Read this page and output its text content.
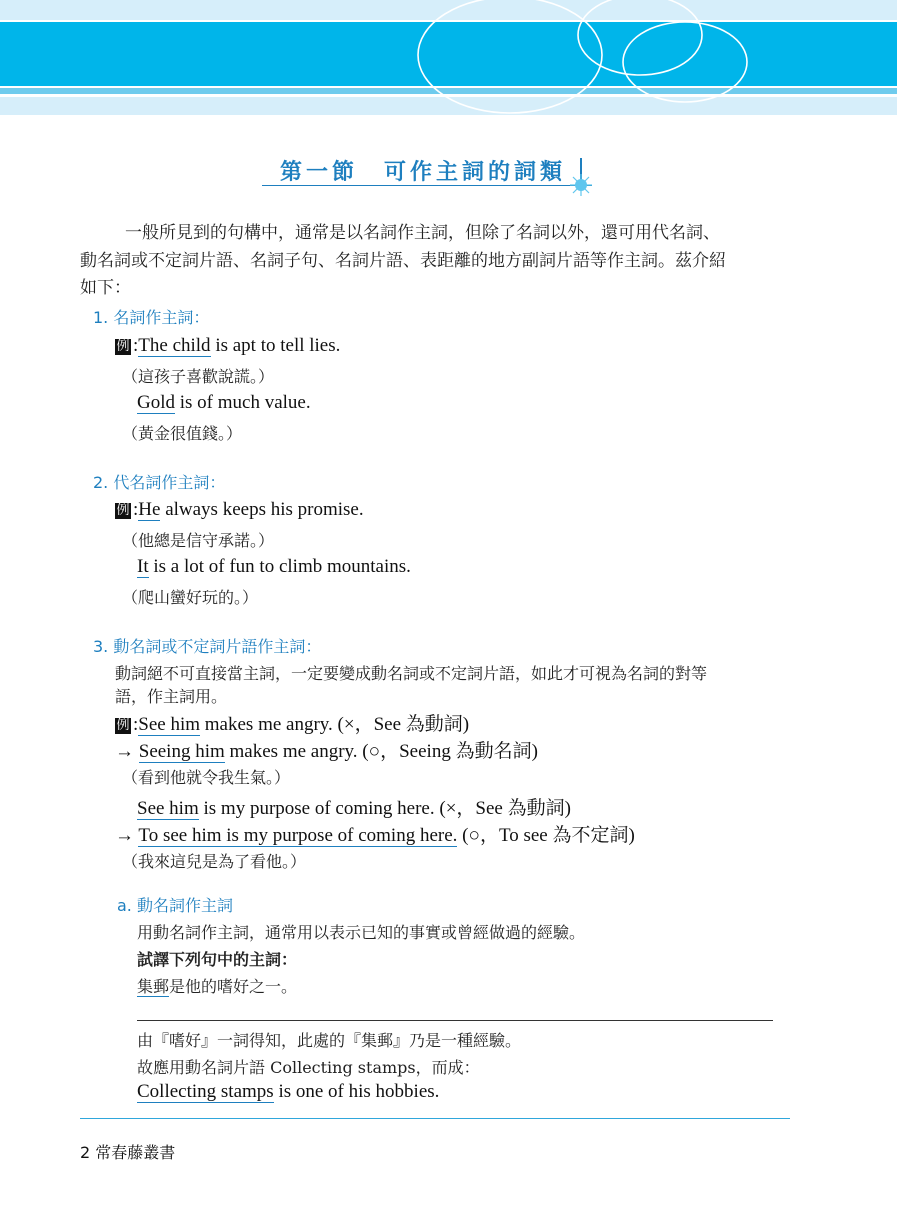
第一節 可作主詞的詞類
一般所見到的句構中，通常是以名詞作主詞，但除了名詞以外，還可用代名詞、
動名詞或不定詞片語、名詞子句、名詞片語、表距離的地方副詞片語等作主詞。茲介紹
如下：
1. 名詞作主詞：
例 :The child is apt to tell lies.
（這孩子喜歡說謊。）
Gold is of much value.
（黃金很值錢。）
2. 代名詞作主詞：
例 :He always keeps his promise.
（他總是信守承諾。）
It is a lot of fun to climb mountains.
（爬山蠻好玩的。）
3. 動名詞或不定詞片語作主詞：
動詞絕不可直接當主詞，一定要變成動名詞或不定詞片語，如此才可視為名詞的對等
語，作主詞用。
例 :See him makes me angry. (×，See 為動詞)
→ Seeing him makes me angry. (○，Seeing 為動名詞)
（看到他就令我生氣。）
See him is my purpose of coming here. (×，See 為動詞)
→ To see him is my purpose of coming here. (○，To see 為不定詞)
（我來這兒是為了看他。）
a. 動名詞作主詞
用動名詞作主詞，通常用以表示已知的事實或曾經做過的經驗。
試譯下列句中的主詞：
集郵是他的嗜好之一。
由『嗜好』一詞得知，此處的『集郵』乃是一種經驗。
故應用動名詞片語 Collecting stamps，而成：
Collecting stamps is one of his hobbies.
2 常春藤叢書
